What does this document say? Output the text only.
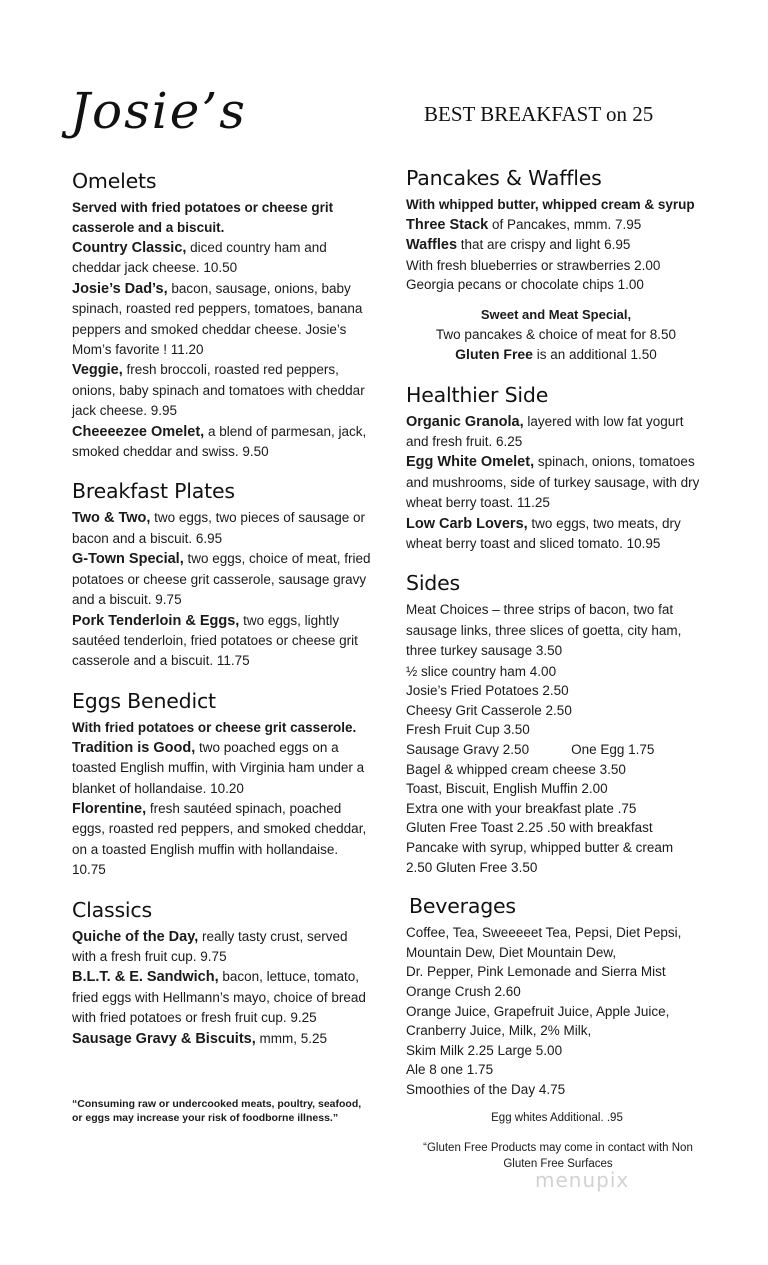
Josie’s	BEST BREAKFAST on 25
Omelets
Served with fried potatoes or cheese grit casserole and a biscuit.
Country Classic, diced country ham and cheddar jack cheese. 10.50
Josie’s Dad’s, bacon, sausage, onions, baby spinach, roasted red peppers, tomatoes, banana peppers and smoked cheddar cheese. Josie’s Mom’s favorite ! 11.20
Veggie, fresh broccoli, roasted red peppers, onions, baby spinach and tomatoes with cheddar jack cheese. 9.95
Cheeeezee Omelet, a blend of parmesan, jack, smoked cheddar and swiss. 9.50
Breakfast Plates
Two & Two, two eggs, two pieces of sausage or bacon and a biscuit. 6.95
G-Town Special, two eggs, choice of meat, fried potatoes or cheese grit casserole, sausage gravy and a biscuit. 9.75
Pork Tenderloin & Eggs, two eggs, lightly sautéed tenderloin, fried potatoes or cheese grit casserole and a biscuit. 11.75
Eggs Benedict
With fried potatoes or cheese grit casserole.
Tradition is Good, two poached eggs on a toasted English muffin, with Virginia ham under a blanket of hollandaise. 10.20
Florentine, fresh sautéed spinach, poached eggs, roasted red peppers, and smoked cheddar, on a toasted English muffin with hollandaise. 10.75
Classics
Quiche of the Day, really tasty crust, served with a fresh fruit cup. 9.75
B.L.T. & E. Sandwich, bacon, lettuce, tomato, fried eggs with Hellmann’s mayo, choice of bread with fried potatoes or fresh fruit cup. 9.25
Sausage Gravy & Biscuits, mmm, 5.25
“Consuming raw or undercooked meats, poultry, seafood, or eggs may increase your risk of foodborne illness.”
Pancakes & Waffles
With whipped butter, whipped cream & syrup
Three Stack of Pancakes, mmm. 7.95
Waffles that are crispy and light 6.95
With fresh blueberries or strawberries 2.00
Georgia pecans or chocolate chips 1.00
Sweet and Meat Special,
Two pancakes & choice of meat for 8.50
Gluten Free is an additional 1.50
Healthier Side
Organic Granola, layered with low fat yogurt and fresh fruit. 6.25
Egg White Omelet, spinach, onions, tomatoes and mushrooms, side of turkey sausage, with dry wheat berry toast. 11.25
Low Carb Lovers, two eggs, two meats, dry wheat berry toast and sliced tomato. 10.95
Sides
Meat Choices – three strips of bacon, two fat sausage links, three slices of goetta, city ham, three turkey sausage 3.50
½ slice country ham 4.00
Josie’s Fried Potatoes 2.50
Cheesy Grit Casserole 2.50
Fresh Fruit Cup 3.50
Sausage Gravy 2.50	One Egg 1.75
Bagel & whipped cream cheese 3.50
Toast, Biscuit, English Muffin 2.00
Extra one with your breakfast plate .75
Gluten Free Toast 2.25 .50 with breakfast
Pancake with syrup, whipped butter & cream
2.50 Gluten Free 3.50
Beverages
Coffee, Tea, Sweeeeet Tea, Pepsi, Diet Pepsi,
Mountain Dew, Diet Mountain Dew,
Dr. Pepper, Pink Lemonade and Sierra Mist
Orange Crush 2.60
Orange Juice, Grapefruit Juice, Apple Juice,
Cranberry Juice, Milk, 2% Milk,
Skim Milk 2.25 Large 5.00
Ale 8 one 1.75
Smoothies of the Day 4.75
Egg whites Additional. .95
“Gluten Free Products may come in contact with Non Gluten Free Surfaces
menupix
